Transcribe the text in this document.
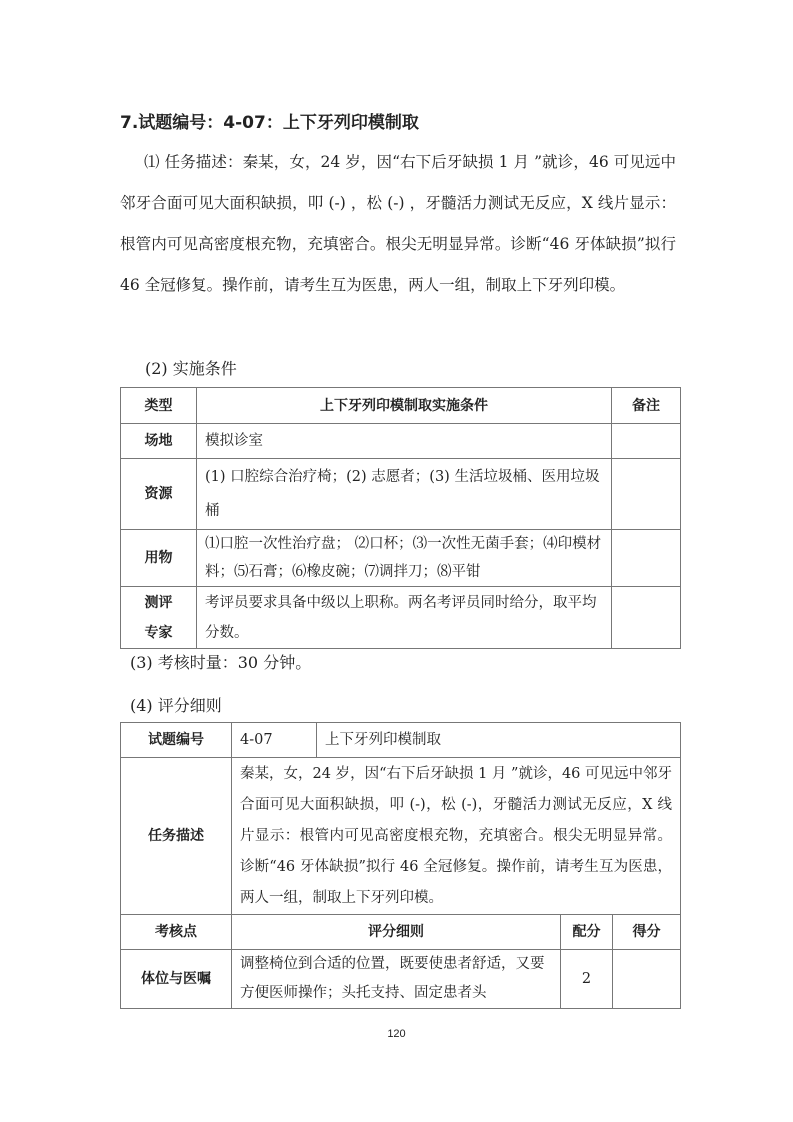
7.试题编号：4-07：上下牙列印模制取
⑴ 任务描述：秦某，女，24 岁，因“右下后牙缺损 1 月 ”就诊，46 可见远中邻牙合面可见大面积缺损，叩 (-) ，松 (-) ，牙髓活力测试无反应，X 线片显示：根管内可见高密度根充物，充填密合。根尖无明显异常。诊断“46 牙体缺损”拟行 46 全冠修复。操作前，请考生互为医患，两人一组，制取上下牙列印模。
(2) 实施条件
类型	上下牙列印模制取实施条件	备注
场地	模拟诊室	
资源	(1) 口腔综合治疗椅；(2) 志愿者；(3) 生活垃圾桶、医用垃圾桶	
用物	⑴口腔一次性治疗盘； ⑵口杯；⑶一次性无菌手套；⑷印模材料；⑸石膏；⑹橡皮碗；⑺调拌刀；⑻平钳	
测评专家	考评员要求具备中级以上职称。两名考评员同时给分，取平均分数。	
(3) 考核时量：30 分钟。
(4) 评分细则
试题编号	4-07	上下牙列印模制取		
任务描述	秦某，女，24 岁，因“右下后牙缺损 1 月 ”就诊，46 可见远中邻牙合面可见大面积缺损，叩 (-)，松 (-)，牙髓活力测试无反应，X 线片显示：根管内可见高密度根充物，充填密合。根尖无明显异常。诊断“46 牙体缺损”拟行 46 全冠修复。操作前，请考生互为医患，两人一组，制取上下牙列印模。			
考核点	评分细则		配分	得分
体位与医嘱	调整椅位到合适的位置，既要使患者舒适，又要方便医师操作；头托支持、固定患者头		2	
120
